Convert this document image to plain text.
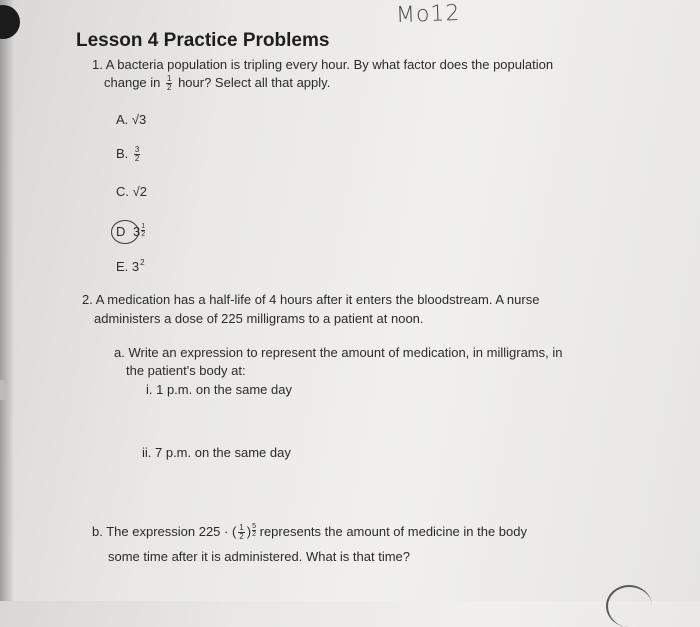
Mo12
Lesson 4 Practice Problems
1. A bacteria population is tripling every hour. By what factor does the population
change in $\frac{1}{2}$ hour? Select all that apply.
A. √3
B. $\frac{3}{2}$
C. √2
D $3 \frac{1}{2}$
E. $3^2$
2. A medication has a half-life of 4 hours after it enters the bloodstream. A nurse
administers a dose of 225 milligrams to a patient at noon.
a. Write an expression to represent the amount of medication, in milligrams, in
the patient's body at:
i. 1 p.m. on the same day
ii. 7 p.m. on the same day
b. The expression 225 · ( $\frac{1}{2}$ ) $\frac{5}{2}$ represents the amount of medicine in the body
some time after it is administered. What is that time?
